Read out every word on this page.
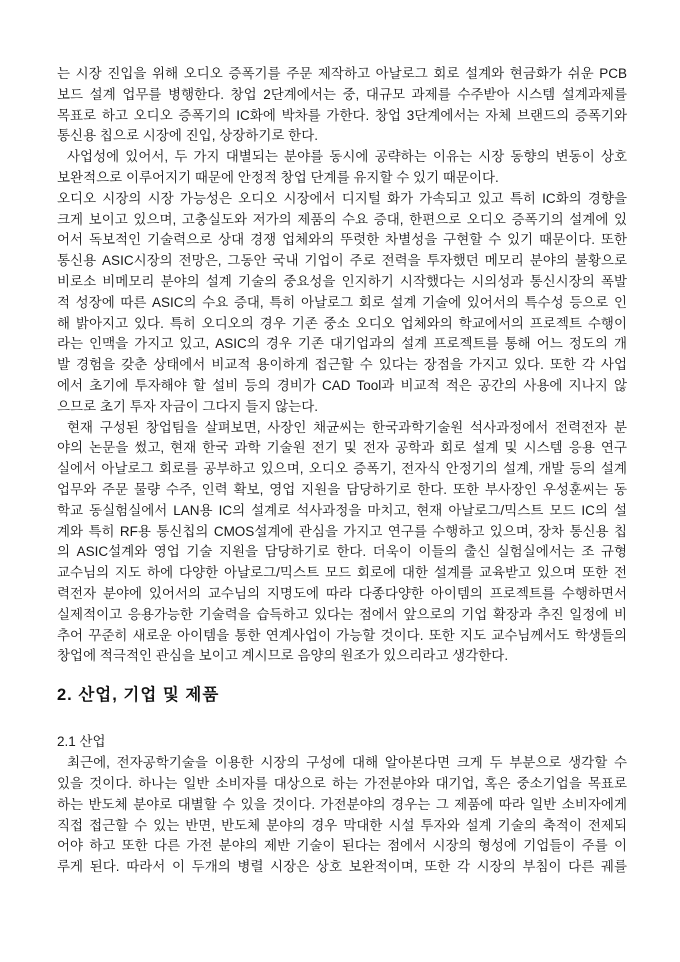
는 시장 진입을 위해 오디오 증폭기를 주문 제작하고 아날로그 회로 설계와 현금화가 쉬운 PCB
보드 설계 업무를 병행한다. 창업 2단계에서는 중, 대규모 과제를 수주받아 시스템 설계과제를
목표로 하고 오디오 증폭기의 IC화에 박차를 가한다. 창업 3단계에서는 자체 브랜드의 증폭기와
통신용 칩으로 시장에 진입, 상장하기로 한다.
사업성에 있어서, 두 가지 대별되는 분야를 동시에 공략하는 이유는 시장 동향의 변동이 상호
보완적으로 이루어지기 때문에 안정적 창업 단계를 유지할 수 있기 때문이다.
오디오 시장의 시장 가능성은 오디오 시장에서 디지털 화가 가속되고 있고 특히 IC화의 경향을
크게 보이고 있으며, 고충실도와 저가의 제품의 수요 증대, 한편으로 오디오 증폭기의 설계에 있
어서 독보적인 기술력으로 상대 경쟁 업체와의 뚜렷한 차별성을 구현할 수 있기 때문이다. 또한
통신용 ASIC시장의 전망은, 그동안 국내 기업이 주로 전력을 투자했던 메모리 분야의 불황으로
비로소 비메모리 분야의 설계 기술의 중요성을 인지하기 시작했다는 시의성과 통신시장의 폭발
적 성장에 따른 ASIC의 수요 증대, 특히 아날로그 회로 설계 기술에 있어서의 특수성 등으로 인
해 밝아지고 있다. 특히 오디오의 경우 기존 중소 오디오 업체와의 학교에서의 프로젝트 수행이
라는 인맥을 가지고 있고, ASIC의 경우 기존 대기업과의 설계 프로젝트를 통해 어느 정도의 개
발 경험을 갖춘 상태에서 비교적 용이하게 접근할 수 있다는 장점을 가지고 있다. 또한 각 사업
에서 초기에 투자해야 할 설비 등의 경비가 CAD Tool과 비교적 적은 공간의 사용에 지나지 않
으므로 초기 투자 자금이 그다지 들지 않는다.
현재 구성된 창업팀을 살펴보면, 사장인 채균씨는 한국과학기술원 석사과정에서 전력전자 분
야의 논문을 썼고, 현재 한국 과학 기술원 전기 및 전자 공학과 회로 설계 및 시스템 응용 연구
실에서 아날로그 회로를 공부하고 있으며, 오디오 증폭기, 전자식 안정기의 설계, 개발 등의 설계
업무와 주문 물량 수주, 인력 확보, 영업 지원을 담당하기로 한다. 또한 부사장인 우성훈씨는 동
학교 동실험실에서 LAN용 IC의 설계로 석사과정을 마치고, 현재 아날로그/믹스트 모드 IC의 설
계와 특히 RF용 통신칩의 CMOS설계에 관심을 가지고 연구를 수행하고 있으며, 장차 통신용 칩
의 ASIC설계와 영업 기술 지원을 담당하기로 한다. 더욱이 이들의 출신 실험실에서는 조 규형
교수님의 지도 하에 다양한 아날로그/믹스트 모드 회로에 대한 설계를 교육받고 있으며 또한 전
력전자 분야에 있어서의 교수님의 지명도에 따라 다종다양한 아이템의 프로젝트를 수행하면서
실제적이고 응용가능한 기술력을 습득하고 있다는 점에서 앞으로의 기업 확장과 추진 일정에 비
추어 꾸준히 새로운 아이템을 통한 연계사업이 가능할 것이다. 또한 지도 교수님께서도 학생들의
창업에 적극적인 관심을 보이고 계시므로 음양의 원조가 있으리라고 생각한다.
2. 산업, 기업 및 제품
2.1 산업
최근에, 전자공학기술을 이용한 시장의 구성에 대해 알아본다면 크게 두 부분으로 생각할 수
있을 것이다. 하나는 일반 소비자를 대상으로 하는 가전분야와 대기업, 혹은 중소기업을 목표로
하는 반도체 분야로 대별할 수 있을 것이다. 가전분야의 경우는 그 제품에 따라 일반 소비자에게
직접 접근할 수 있는 반면, 반도체 분야의 경우 막대한 시설 투자와 설계 기술의 축적이 전제되
어야 하고 또한 다른 가전 분야의 제반 기술이 된다는 점에서 시장의 형성에 기업들이 주를 이
루게 된다. 따라서 이 두개의 병렬 시장은 상호 보완적이며, 또한 각 시장의 부침이 다른 궤를
